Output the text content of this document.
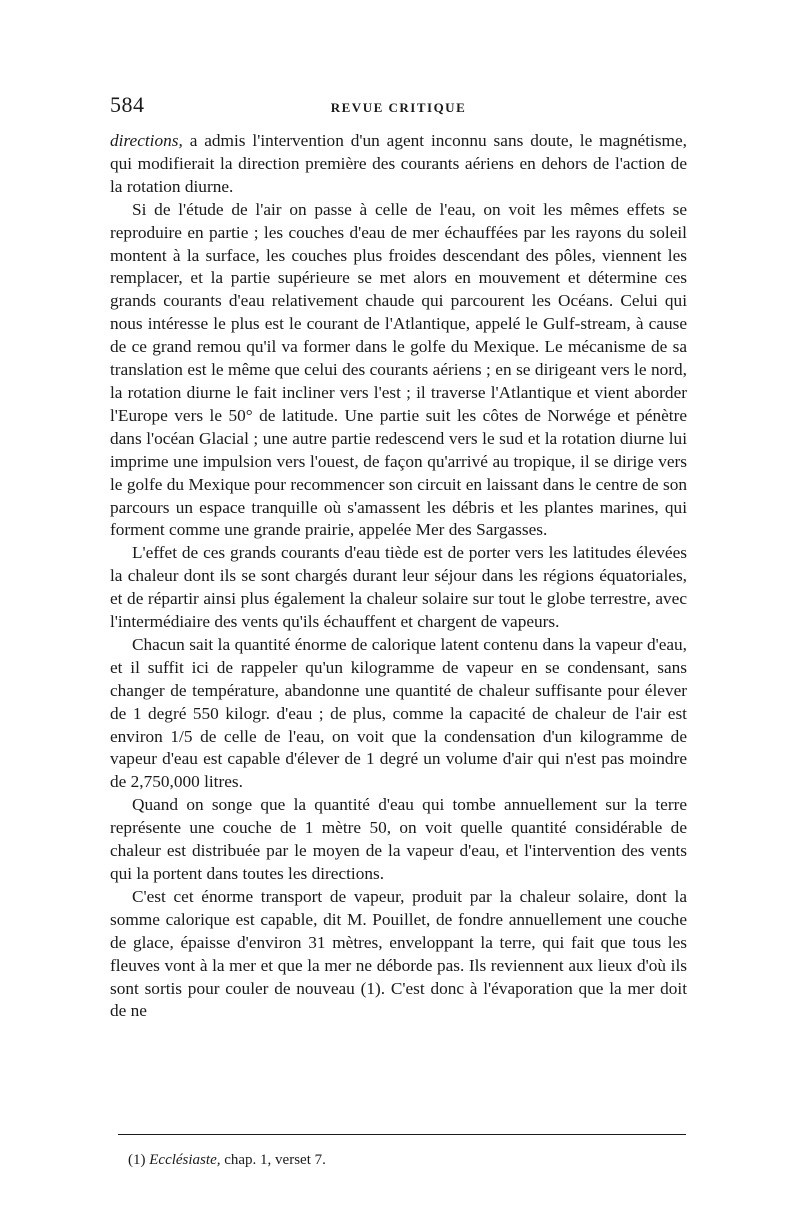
584	REVUE CRITIQUE

directions, a admis l'intervention d'un agent inconnu sans doute, le magnétisme, qui modifierait la direction première des courants aériens en dehors de l'action de la rotation diurne.

Si de l'étude de l'air on passe à celle de l'eau, on voit les mêmes effets se reproduire en partie ; les couches d'eau de mer échauffées par les rayons du soleil montent à la surface, les couches plus froides descendant des pôles, viennent les remplacer, et la partie supérieure se met alors en mouvement et détermine ces grands courants d'eau relativement chaude qui parcourent les Océans. Celui qui nous intéresse le plus est le courant de l'Atlantique, appelé le Gulf-stream, à cause de ce grand remou qu'il va former dans le golfe du Mexique. Le mécanisme de sa translation est le même que celui des courants aériens ; en se dirigeant vers le nord, la rotation diurne le fait incliner vers l'est ; il traverse l'Atlantique et vient aborder l'Europe vers le 50° de latitude. Une partie suit les côtes de Norwége et pénètre dans l'océan Glacial ; une autre partie redescend vers le sud et la rotation diurne lui imprime une impulsion vers l'ouest, de façon qu'arrivé au tropique, il se dirige vers le golfe du Mexique pour recommencer son circuit en laissant dans le centre de son parcours un espace tranquille où s'amassent les débris et les plantes marines, qui forment comme une grande prairie, appelée Mer des Sargasses.

L'effet de ces grands courants d'eau tiède est de porter vers les latitudes élevées la chaleur dont ils se sont chargés durant leur séjour dans les régions équatoriales, et de répartir ainsi plus également la chaleur solaire sur tout le globe terrestre, avec l'intermédiaire des vents qu'ils échauffent et chargent de vapeurs.

Chacun sait la quantité énorme de calorique latent contenu dans la vapeur d'eau, et il suffit ici de rappeler qu'un kilogramme de vapeur en se condensant, sans changer de température, abandonne une quantité de chaleur suffisante pour élever de 1 degré 550 kilogr. d'eau ; de plus, comme la capacité de chaleur de l'air est environ 1/5 de celle de l'eau, on voit que la condensation d'un kilogramme de vapeur d'eau est capable d'élever de 1 degré un volume d'air qui n'est pas moindre de 2,750,000 litres.

Quand on songe que la quantité d'eau qui tombe annuellement sur la terre représente une couche de 1 mètre 50, on voit quelle quantité considérable de chaleur est distribuée par le moyen de la vapeur d'eau, et l'intervention des vents qui la portent dans toutes les directions.

C'est cet énorme transport de vapeur, produit par la chaleur solaire, dont la somme calorique est capable, dit M. Pouillet, de fondre annuellement une couche de glace, épaisse d'environ 31 mètres, enveloppant la terre, qui fait que tous les fleuves vont à la mer et que la mer ne déborde pas. Ils reviennent aux lieux d'où ils sont sortis pour couler de nouveau (1). C'est donc à l'évaporation que la mer doit de ne

(1) Ecclésiaste, chap. 1, verset 7.
